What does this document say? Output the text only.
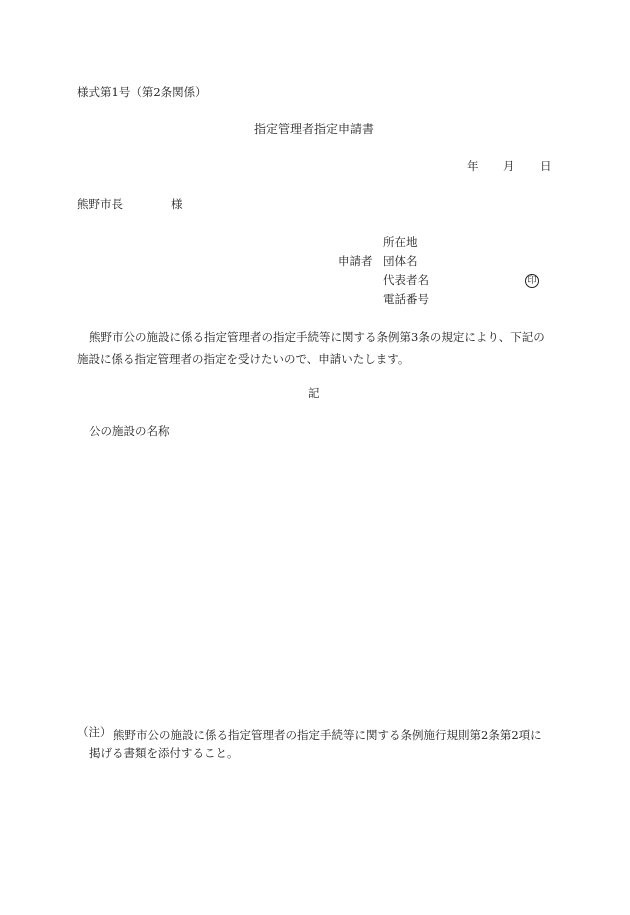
様式第1号（第2条関係）
指定管理者指定申請書
年 月 日
熊野市長	様
申請者
所在地
団体名
代表者名	印
電話番号
熊野市公の施設に係る指定管理者の指定手続等に関する条例第3条の規定により、下記の施設に係る指定管理者の指定を受けたいので、申請いたします。
記
公の施設の名称
（注） 熊野市公の施設に係る指定管理者の指定手続等に関する条例施行規則第2条第2項に
掲げる書類を添付すること。
